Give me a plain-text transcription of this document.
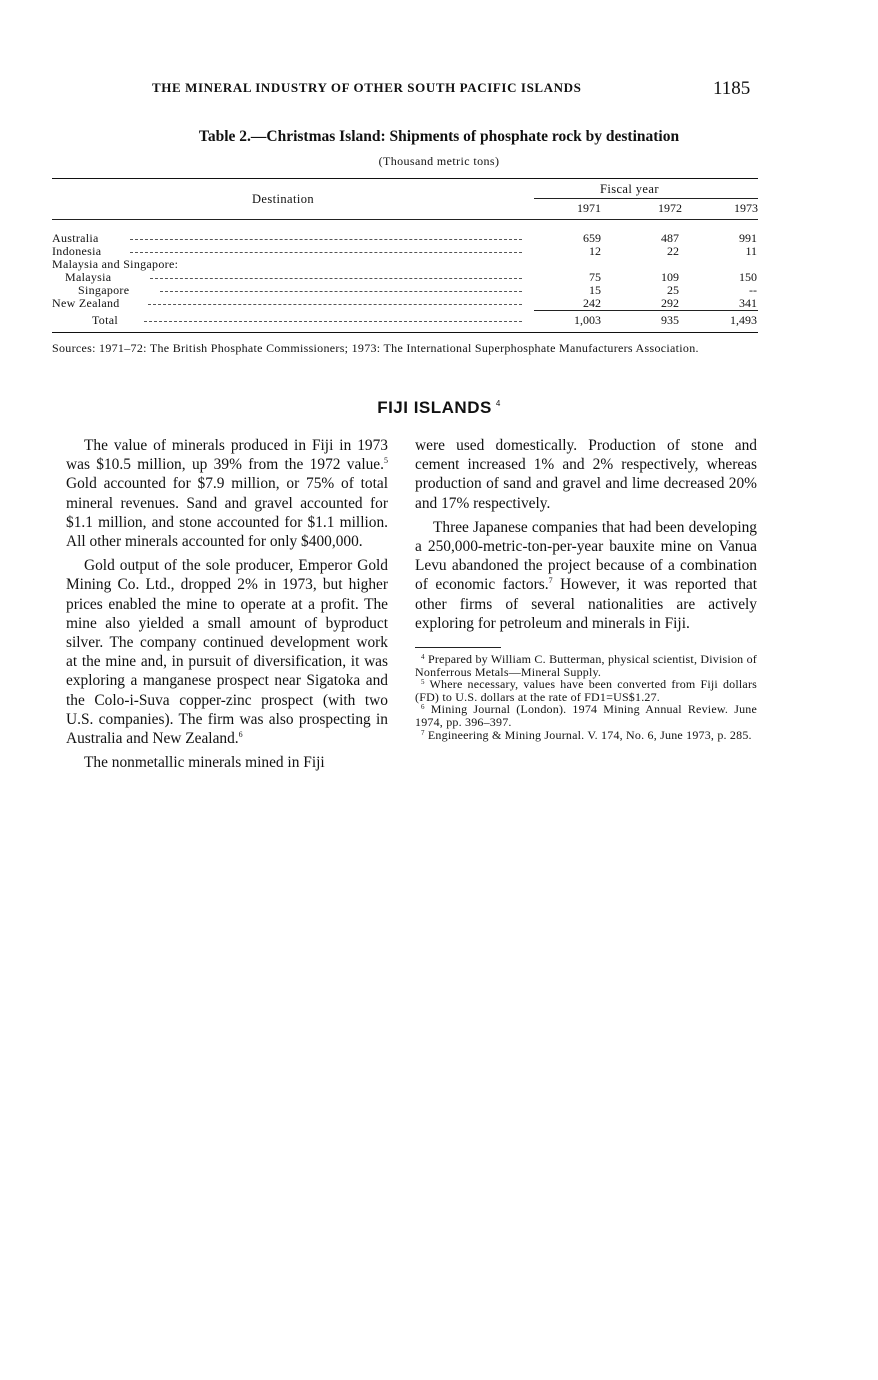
THE MINERAL INDUSTRY OF OTHER SOUTH PACIFIC ISLANDS	1185
Table 2.—Christmas Island: Shipments of phosphate rock by destination
(Thousand metric tons)
Destination
Fiscal year
1971	1972	1973
Australia	659	487	991
Indonesia	12	22	11
Malaysia and Singapore:
Malaysia	75	109	150
Singapore	15	25	--
New Zealand	242	292	341
Total	1,003	935	1,493
Sources: 1971–72: The British Phosphate Commissioners; 1973: The International Superphosphate Manufacturers Association.
FIJI ISLANDS $^4$

The value of minerals produced in Fiji in 1973 was $10.5 million, up 39% from the 1972 value.$^5$ Gold accounted for $7.9 million, or 75% of total mineral revenues. Sand and gravel accounted for $1.1 million, and stone accounted for $1.1 million. All other minerals accounted for only $400,000.

Gold output of the sole producer, Emperor Gold Mining Co. Ltd., dropped 2% in 1973, but higher prices enabled the mine to operate at a profit. The mine also yielded a small amount of byproduct silver. The company continued development work at the mine and, in pursuit of diversification, it was exploring a manganese prospect near Sigatoka and the Colo-i-Suva copper-zinc prospect (with two U.S. companies). The firm was also prospecting in Australia and New Zealand.$^6$

The nonmetallic minerals mined in Fiji

were used domestically. Production of stone and cement increased 1% and 2% respectively, whereas production of sand and gravel and lime decreased 20% and 17% respectively.

Three Japanese companies that had been developing a 250,000-metric-ton-per-year bauxite mine on Vanua Levu abandoned the project because of a combination of economic factors.$^7$ However, it was reported that other firms of several nationalities are actively exploring for petroleum and minerals in Fiji.

$^4$ Prepared by William C. Butterman, physical scientist, Division of Nonferrous Metals—Mineral Supply.

$^5$ Where necessary, values have been converted from Fiji dollars (FD) to U.S. dollars at the rate of FD1=US$1.27.

$^6$ Mining Journal (London). 1974 Mining Annual Review. June 1974, pp. 396–397.

$^7$ Engineering & Mining Journal. V. 174, No. 6, June 1973, p. 285.
